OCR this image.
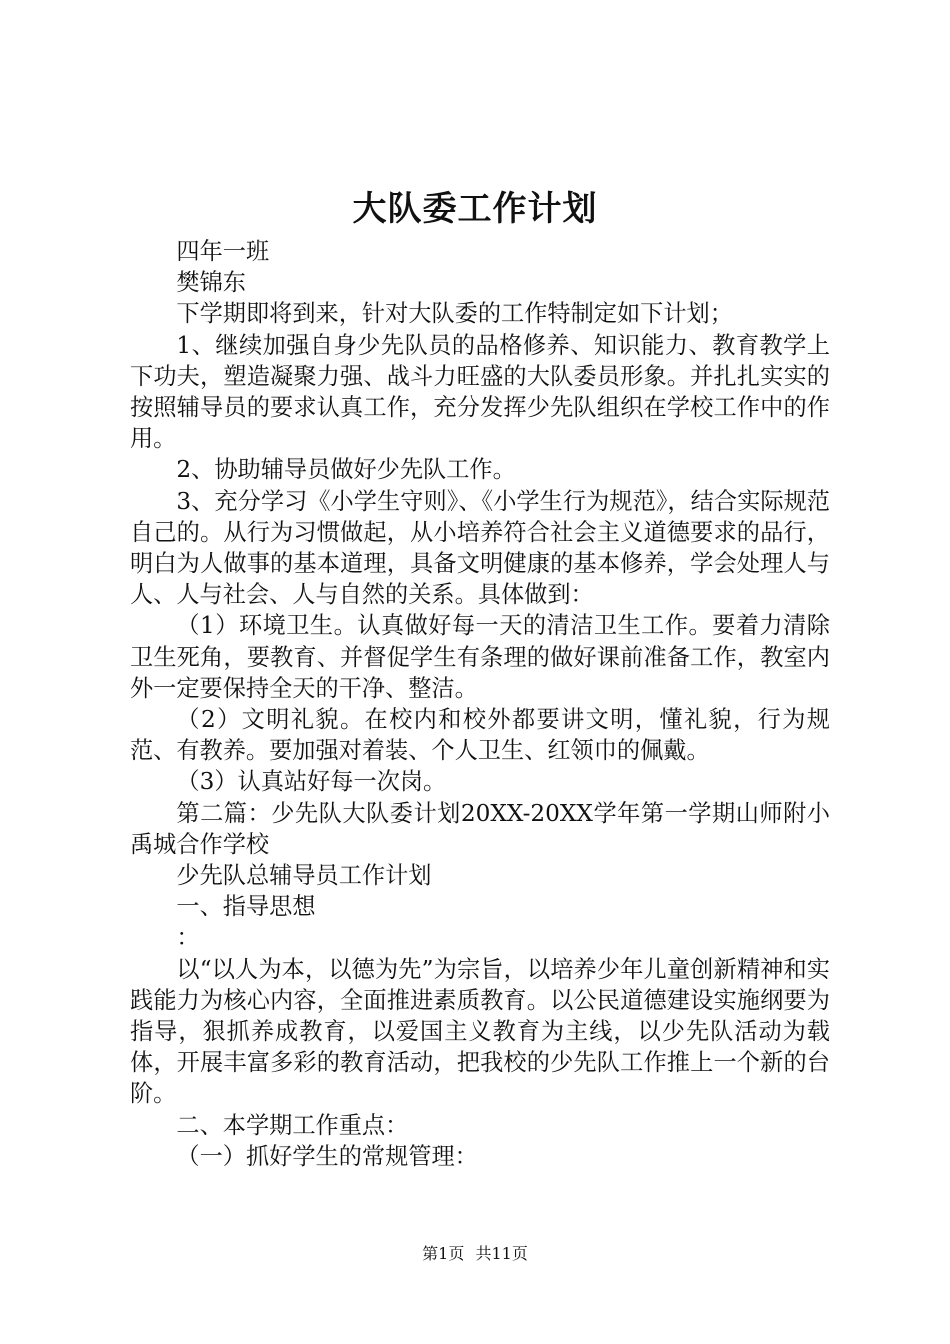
大队委工作计划

四年一班

樊锦东

下学期即将到来，针对大队委的工作特制定如下计划；

1、继续加强自身少先队员的品格修养、知识能力、教育教学上下功夫，塑造凝聚力强、战斗力旺盛的大队委员形象。并扎扎实实的按照辅导员的要求认真工作，充分发挥少先队组织在学校工作中的作用。

2、协助辅导员做好少先队工作。

3、充分学习《小学生守则》、《小学生行为规范》，结合实际规范自己的。从行为习惯做起，从小培养符合社会主义道德要求的品行，明白为人做事的基本道理，具备文明健康的基本修养，学会处理人与人、人与社会、人与自然的关系。具体做到：

（1）环境卫生。认真做好每一天的清洁卫生工作。要着力清除卫生死角，要教育、并督促学生有条理的做好课前准备工作，教室内外一定要保持全天的干净、整洁。

（2）文明礼貌。在校内和校外都要讲文明，懂礼貌，行为规范、有教养。要加强对着装、个人卫生、红领巾的佩戴。

（3）认真站好每一次岗。

第二篇：少先队大队委计划20XX-20XX学年第一学期山师附小禹城合作学校

少先队总辅导员工作计划

一、指导思想

：

以“以人为本，以德为先”为宗旨，以培养少年儿童创新精神和实践能力为核心内容，全面推进素质教育。以公民道德建设实施纲要为指导，狠抓养成教育，以爱国主义教育为主线，以少先队活动为载体，开展丰富多彩的教育活动，把我校的少先队工作推上一个新的台阶。

二、本学期工作重点：

（一）抓好学生的常规管理：

第1页 共11页
